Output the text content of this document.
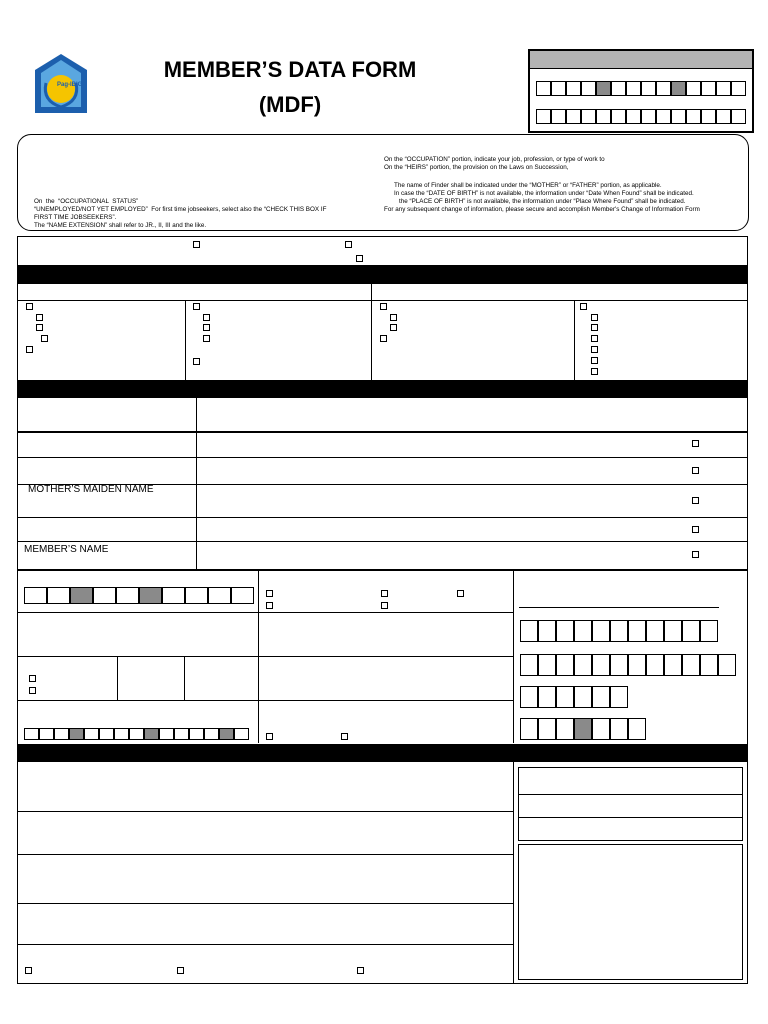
Pag-IBIG
MEMBER’S DATA FORM
(MDF)
On  the  “OCCUPATIONAL  STATUS”
“UNEMPLOYED/NOT YET EMPLOYED”  For first time jobseekers, select also the “CHECK THIS BOX IF
FIRST TIME JOBSEEKERS”.
The “NAME EXTENSION” shall refer to JR., II, III and the like.
On the “OCCUPATION” portion, indicate your job, profession, or type of work to
On the “HEIRS” portion, the provision on the Laws on Succession,
The name of Finder shall be indicated under the “MOTHER” or “FATHER” portion, as applicable.
In case the “DATE OF BIRTH” is not available, the information under “Date When Found” shall be indicated.
the “PLACE OF BIRTH” is not available, the information under “Place Where Found” shall be indicated.
For any subsequent change of information, please secure and accomplish Member's Change of Information Form
MOTHER’S MAIDEN NAME
MEMBER’S NAME
